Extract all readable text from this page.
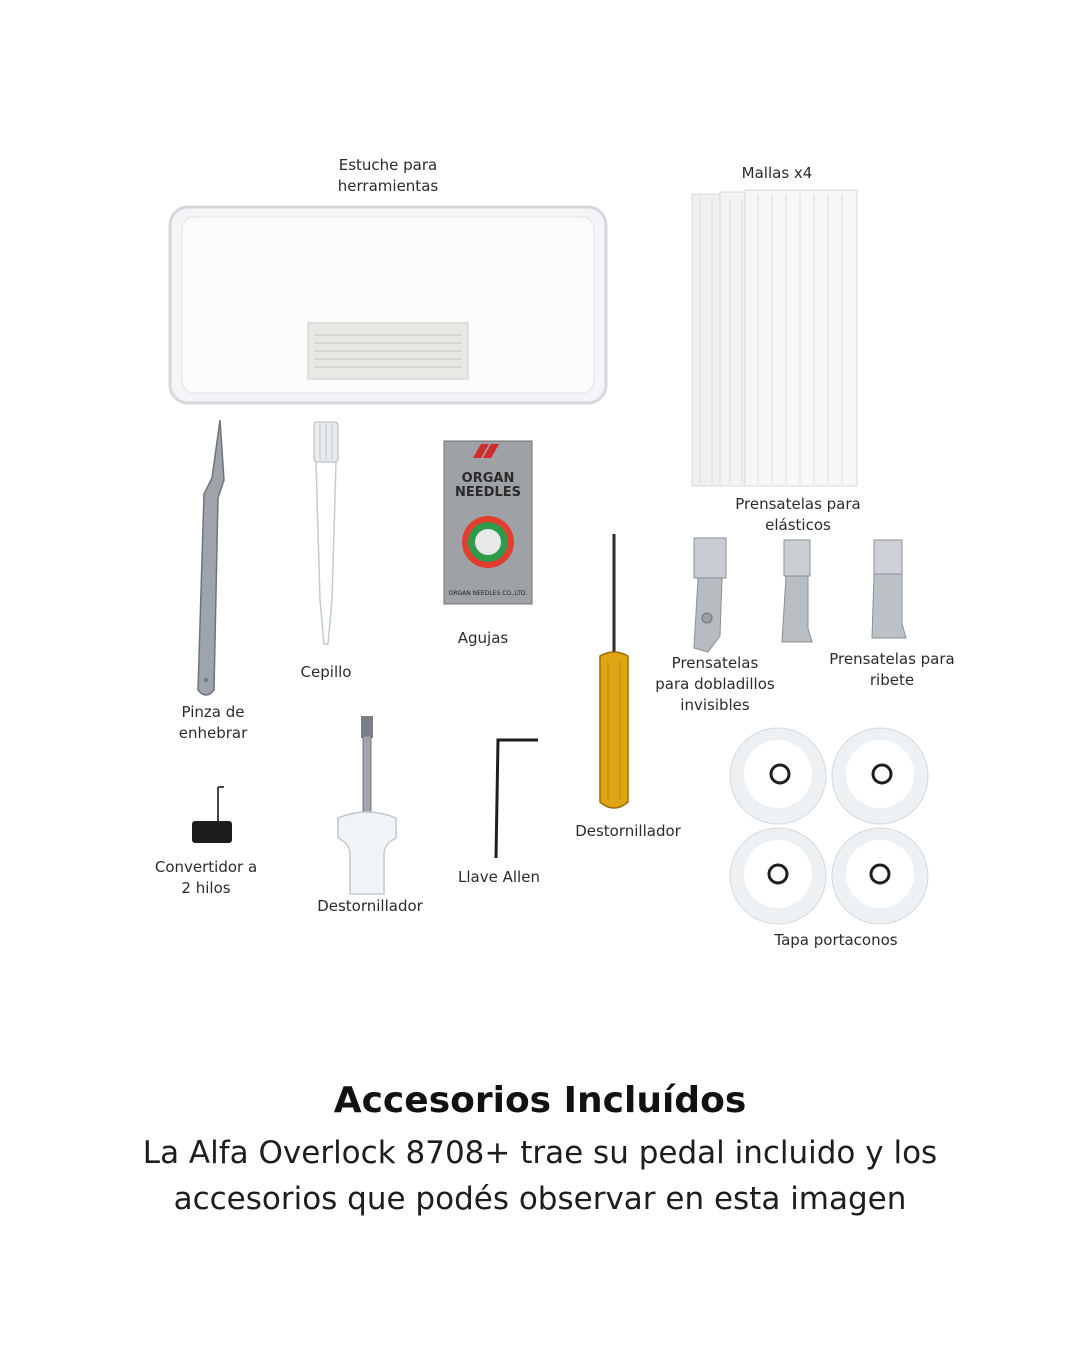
Estuche para
herramientas
Mallas x4
Pinza de
enhebrar
Cepillo
ORGAN
NEEDLES
ORGAN NEEDLES CO.,LTD.
Agujas
Destornillador
Prensatelas para
elásticos
Prensatelas
para dobladillos
invisibles
Prensatelas para
ribete
Convertidor a
2 hilos
Destornillador
Llave Allen
Tapa portaconos
Accesorios Incluídos
La Alfa Overlock 8708+ trae su pedal incluido y los accesorios que podés observar en esta imagen
